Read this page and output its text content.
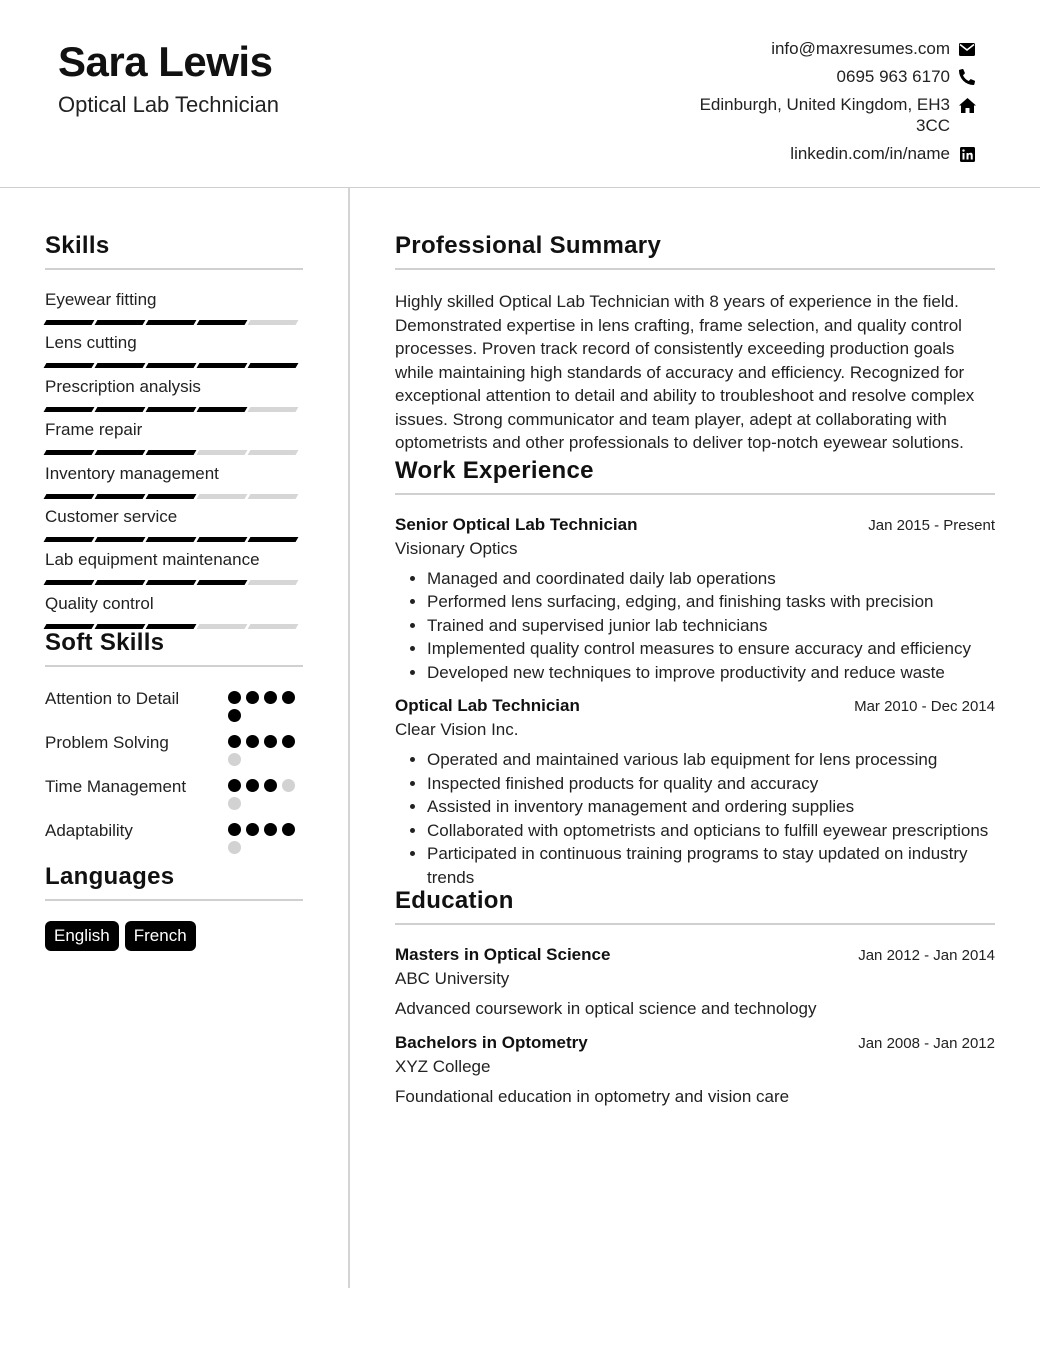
Sara Lewis
Optical Lab Technician
info@maxresumes.com
0695 963 6170
Edinburgh, United Kingdom, EH3 3CC
linkedin.com/in/name
Skills
Eyewear fitting
Lens cutting
Prescription analysis
Frame repair
Inventory management
Customer service
Lab equipment maintenance
Quality control
Soft Skills
Attention to Detail
Problem Solving
Time Management
Adaptability
Languages
English	French
Professional Summary

Highly skilled Optical Lab Technician with 8 years of experience in the field. Demonstrated expertise in lens crafting, frame selection, and quality control processes. Proven track record of consistently exceeding production goals while maintaining high standards of accuracy and efficiency. Recognized for exceptional attention to detail and ability to troubleshoot and resolve complex issues. Strong communicator and team player, adept at collaborating with optometrists and other professionals to deliver top-notch eyewear solutions.

Work Experience
Senior Optical Lab Technician	Jan 2015 - Present
Visionary Optics
• Managed and coordinated daily lab operations
• Performed lens surfacing, edging, and finishing tasks with precision
• Trained and supervised junior lab technicians
• Implemented quality control measures to ensure accuracy and efficiency
• Developed new techniques to improve productivity and reduce waste
Optical Lab Technician	Mar 2010 - Dec 2014
Clear Vision Inc.
• Operated and maintained various lab equipment for lens processing
• Inspected finished products for quality and accuracy
• Assisted in inventory management and ordering supplies
• Collaborated with optometrists and opticians to fulfill eyewear prescriptions
• Participated in continuous training programs to stay updated on industry trends
Education
Masters in Optical Science	Jan 2012 - Jan 2014
ABC University
Advanced coursework in optical science and technology
Bachelors in Optometry	Jan 2008 - Jan 2012
XYZ College
Foundational education in optometry and vision care
